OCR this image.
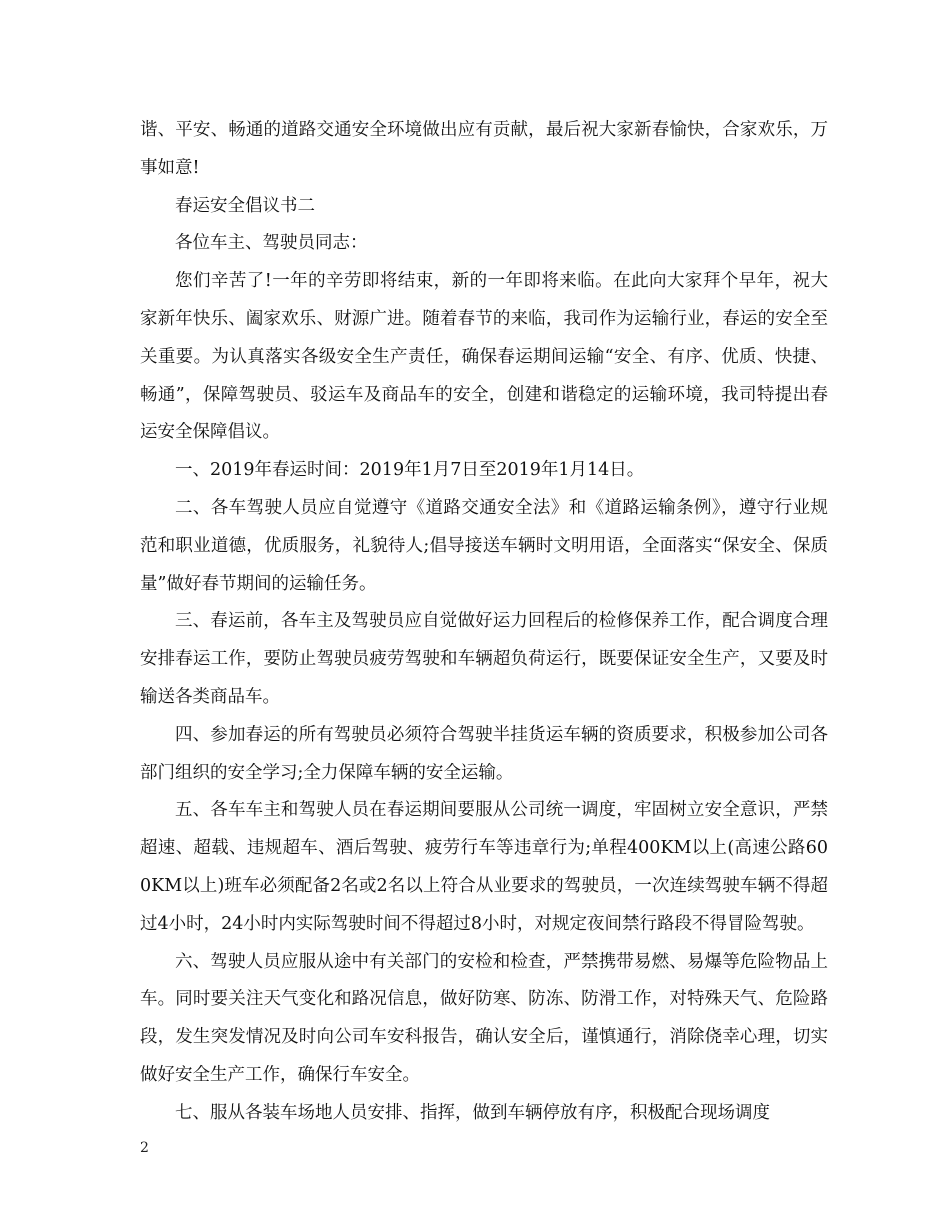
谐、平安、畅通的道路交通安全环境做出应有贡献，最后祝大家新春愉快，合家欢乐，万事如意!

春运安全倡议书二

各位车主、驾驶员同志：

您们辛苦了!一年的辛劳即将结束，新的一年即将来临。在此向大家拜个早年，祝大家新年快乐、阖家欢乐、财源广进。随着春节的来临，我司作为运输行业，春运的安全至关重要。为认真落实各级安全生产责任，确保春运期间运输“安全、有序、优质、快捷、畅通”，保障驾驶员、驳运车及商品车的安全，创建和谐稳定的运输环境，我司特提出春运安全保障倡议。

一、2019年春运时间：2019年1月7日至2019年1月14日。

二、各车驾驶人员应自觉遵守《道路交通安全法》和《道路运输条例》，遵守行业规范和职业道德，优质服务，礼貌待人;倡导接送车辆时文明用语，全面落实“保安全、保质量”做好春节期间的运输任务。

三、春运前，各车主及驾驶员应自觉做好运力回程后的检修保养工作，配合调度合理安排春运工作，要防止驾驶员疲劳驾驶和车辆超负荷运行，既要保证安全生产，又要及时输送各类商品车。

四、参加春运的所有驾驶员必须符合驾驶半挂货运车辆的资质要求，积极参加公司各部门组织的安全学习;全力保障车辆的安全运输。

五、各车车主和驾驶人员在春运期间要服从公司统一调度，牢固树立安全意识，严禁超速、超载、违规超车、酒后驾驶、疲劳行车等违章行为;单程400KM以上(高速公路600KM以上)班车必须配备2名或2名以上符合从业要求的驾驶员，一次连续驾驶车辆不得超过4小时，24小时内实际驾驶时间不得超过8小时，对规定夜间禁行路段不得冒险驾驶。

六、驾驶人员应服从途中有关部门的安检和检查，严禁携带易燃、易爆等危险物品上车。同时要关注天气变化和路况信息，做好防寒、防冻、防滑工作，对特殊天气、危险路段，发生突发情况及时向公司车安科报告，确认安全后，谨慎通行，消除侥幸心理，切实做好安全生产工作，确保行车安全。

七、服从各装车场地人员安排、指挥，做到车辆停放有序，积极配合现场调度

2
